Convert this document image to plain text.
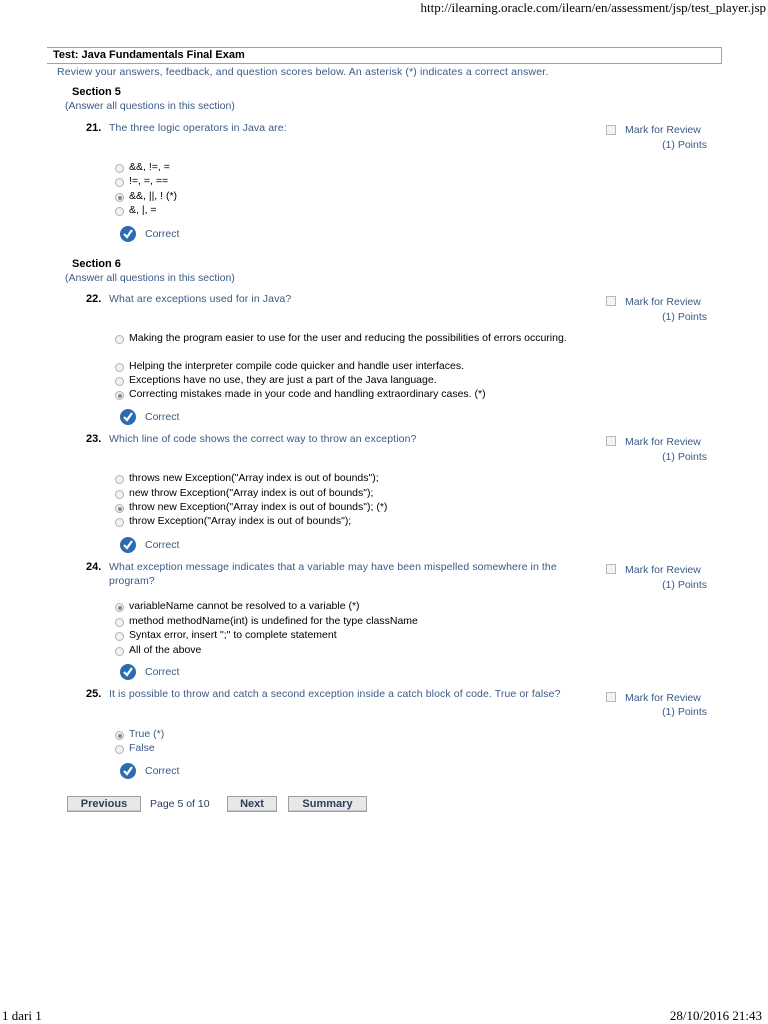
http://ilearning.oracle.com/ilearn/en/assessment/jsp/test_player.jsp
Test: Java Fundamentals Final Exam
Review your answers, feedback, and question scores below. An asterisk (*) indicates a correct answer.
Section 5
(Answer all questions in this section)
21. The three logic operators in Java are:	Mark for Review
(1) Points
&&, !=, =
!=, =, ==
&&, ||, ! (*)
&, |, =
Correct
Section 6
(Answer all questions in this section)
22. What are exceptions used for in Java?	Mark for Review
(1) Points
Making the program easier to use for the user and reducing the possibilities of errors occuring.
Helping the interpreter compile code quicker and handle user interfaces.
Exceptions have no use, they are just a part of the Java language.
Correcting mistakes made in your code and handling extraordinary cases. (*)
Correct
23. Which line of code shows the correct way to throw an exception?	Mark for Review
(1) Points
throws new Exception("Array index is out of bounds");
new throw Exception("Array index is out of bounds");
throw new Exception("Array index is out of bounds"); (*)
throw Exception("Array index is out of bounds");
Correct
24. What exception message indicates that a variable may have been mispelled somewhere in the program?
Mark for Review
(1) Points
variableName cannot be resolved to a variable (*)
method methodName(int) is undefined for the type className
Syntax error, insert ";" to complete statement
All of the above
Correct
25. It is possible to throw and catch a second exception inside a catch block of code. True or false?	Mark for Review
(1) Points
True (*)
False
Correct
Previous	Page 5 of 10	Next	Summary
1 dari 1	28/10/2016 21:43
